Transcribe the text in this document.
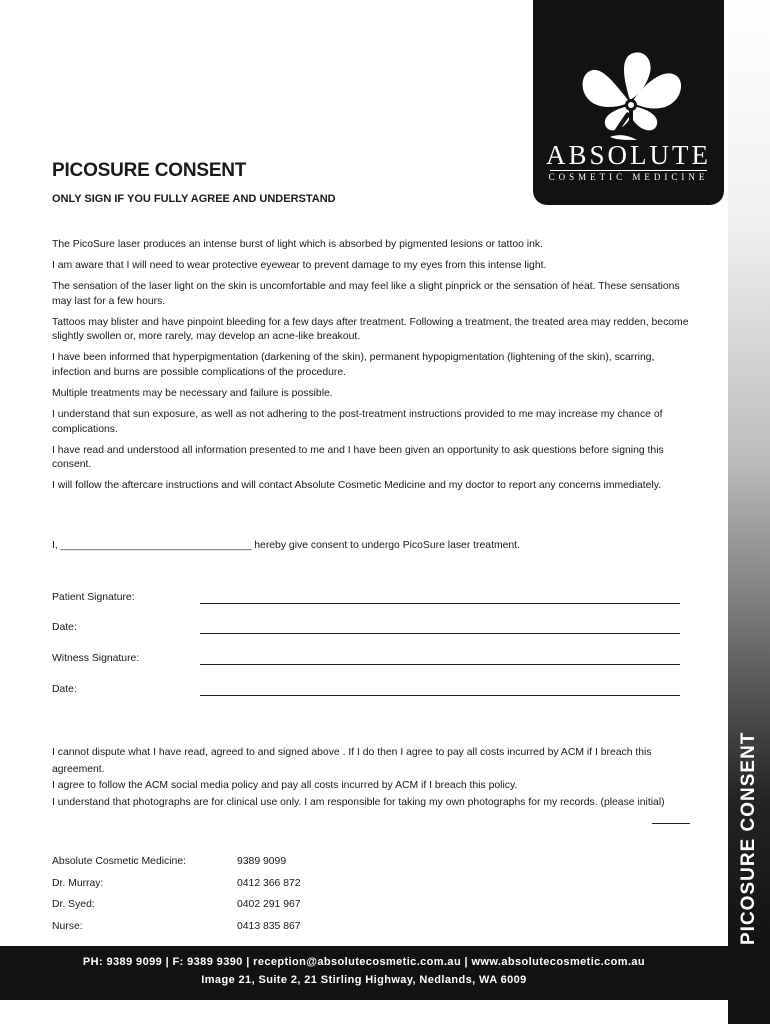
PICOSURE CONSENT
ABSOLUTE
COSMETIC MEDICINE
PICOSURE CONSENT
ONLY SIGN IF YOU FULLY AGREE AND UNDERSTAND

The PicoSure laser produces an intense burst of light which is absorbed by pigmented lesions or tattoo ink.

I am aware that I will need to wear protective eyewear to prevent damage to my eyes from this intense light.

The sensation of the laser light on the skin is uncomfortable and may feel like a slight pinprick or the sensation of heat. These sensations may last for a few hours.

Tattoos may blister and have pinpoint bleeding for a few days after treatment. Following a treatment, the treated area may redden, become slightly swollen or, more rarely, may develop an acne-like breakout.

I have been informed that hyperpigmentation (darkening of the skin), permanent hypopigmentation (lightening of the skin), scarring, infection and burns are possible complications of the procedure.

Multiple treatments may be necessary and failure is possible.

I understand that sun exposure, as well as not adhering to the post-treatment instructions provided to me may increase my chance of complications.

I have read and understood all information presented to me and I have been given an opportunity to ask questions before signing this consent.

I will follow the aftercare instructions and will contact Absolute Cosmetic Medicine and my doctor to report any concerns immediately.

I, _________________________________ hereby give consent to undergo PicoSure laser treatment.
Patient Signature:
Date:
Witness Signature:
Date:
I cannot dispute what I have read, agreed to and signed above . If I do then I agree to pay all costs incurred by ACM if I breach this agreement.
I agree to follow the ACM social media policy and pay all costs incurred by ACM if I breach this policy.
I understand that photographs are for clinical use only. I am responsible for taking my own photographs for my records. (please initial)
Absolute Cosmetic Medicine:	9389 9099
Dr. Murray:	0412 366 872
Dr. Syed:	0402 291 967
Nurse:	0413 835 867
PH: 9389 9099 | F: 9389 9390 | reception@absolutecosmetic.com.au | www.absolutecosmetic.com.au
Image 21, Suite 2, 21 Stirling Highway, Nedlands, WA 6009
